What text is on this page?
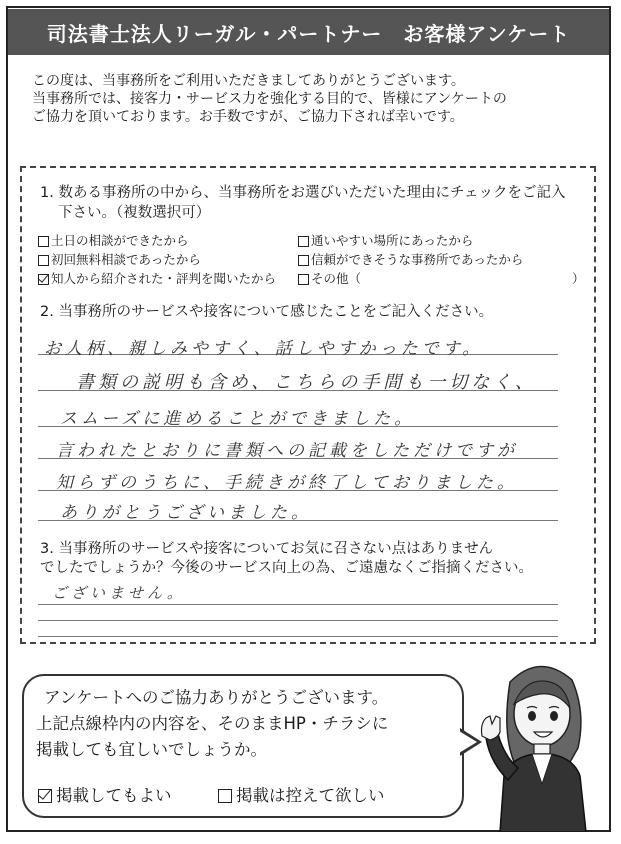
司法書士法人リーガル・パートナー　お客様アンケート
この度は、当事務所をご利用いただきましてありがとうございます。
当事務所では、接客力・サービス力を強化する目的で、皆様にアンケートの
ご協力を頂いております。お手数ですが、ご協力下されば幸いです。
1. 数ある事務所の中から、当事務所をお選びいただいた理由にチェックをご記入
下さい。（複数選択可）
土日の相談ができたから
初回無料相談であったから
知人から紹介された・評判を聞いたから
通いやすい場所にあったから
信頼ができそうな事務所であったから
その他（	）
2. 当事務所のサービスや接客について感じたことをご記入ください。
お人柄、親しみやすく、話しやすかったです。
書類の説明も含め、こちらの手間も一切なく、
スムーズに進めることができました。
言われたとおりに書類への記載をしただけですが
知らずのうちに、手続きが終了しておりました。
ありがとうございました。
3. 当事務所のサービスや接客についてお気に召さない点はありません
でしたでしょうか？今後のサービス向上の為、ご遠慮なくご指摘ください。
ございません。
アンケートへのご協力ありがとうございます。
上記点線枠内の内容を、そのままHP・チラシに
掲載しても宜しいでしょうか。
掲載してもよい	掲載は控えて欲しい
